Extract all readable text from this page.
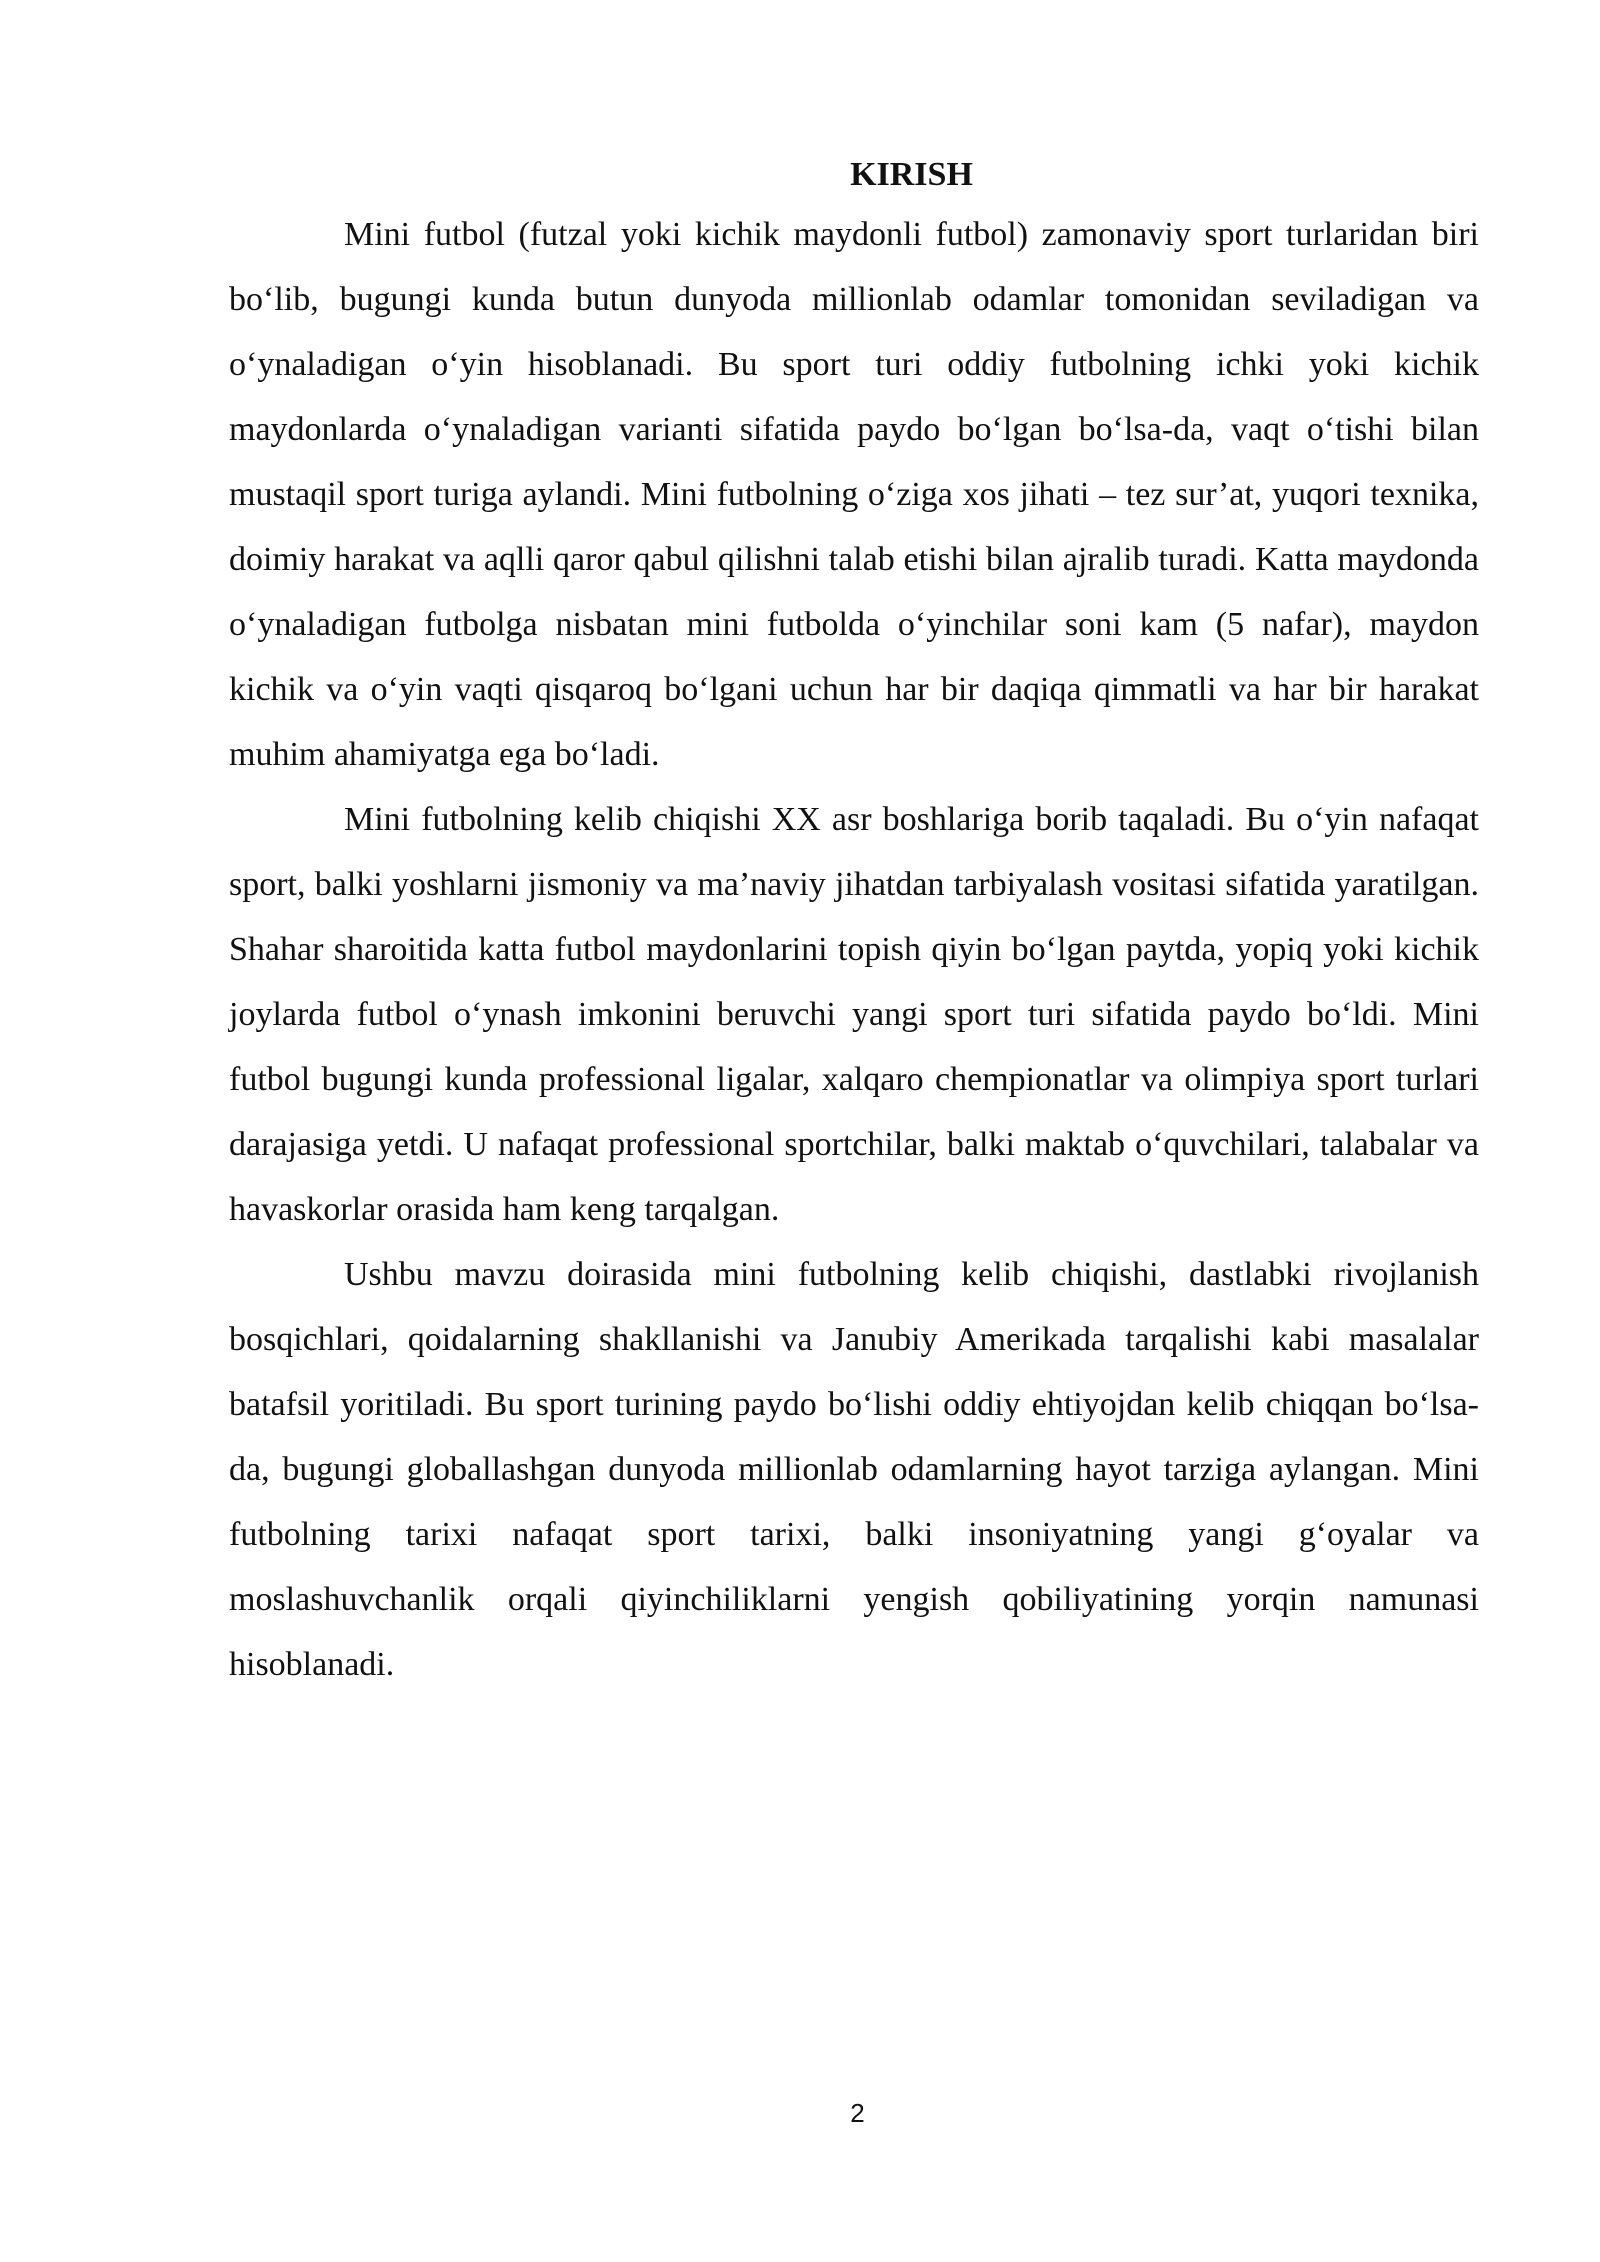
KIRISH

Mini futbol (futzal yoki kichik maydonli futbol) zamonaviy sport turlaridan biri bo‘lib, bugungi kunda butun dunyoda millionlab odamlar tomonidan seviladigan va o‘ynaladigan o‘yin hisoblanadi. Bu sport turi oddiy futbolning ichki yoki kichik maydonlarda o‘ynaladigan varianti sifatida paydo bo‘lgan bo‘lsa-da, vaqt o‘tishi bilan mustaqil sport turiga aylandi. Mini futbolning o‘ziga xos jihati – tez sur’at, yuqori texnika, doimiy harakat va aqlli qaror qabul qilishni talab etishi bilan ajralib turadi. Katta maydonda o‘ynaladigan futbolga nisbatan mini futbolda o‘yinchilar soni kam (5 nafar), maydon kichik va o‘yin vaqti qisqaroq bo‘lgani uchun har bir daqiqa qimmatli va har bir harakat muhim ahamiyatga ega bo‘ladi.

Mini futbolning kelib chiqishi XX asr boshlariga borib taqaladi. Bu o‘yin nafaqat sport, balki yoshlarni jismoniy va ma’naviy jihatdan tarbiyalash vositasi sifatida yaratilgan. Shahar sharoitida katta futbol maydonlarini topish qiyin bo‘lgan paytda, yopiq yoki kichik joylarda futbol o‘ynash imkonini beruvchi yangi sport turi sifatida paydo bo‘ldi. Mini futbol bugungi kunda professional ligalar, xalqaro chempionatlar va olimpiya sport turlari darajasiga yetdi. U nafaqat professional sportchilar, balki maktab o‘quvchilari, talabalar va havaskorlar orasida ham keng tarqalgan.

Ushbu mavzu doirasida mini futbolning kelib chiqishi, dastlabki rivojlanish bosqichlari, qoidalarning shakllanishi va Janubiy Amerikada tarqalishi kabi masalalar batafsil yoritiladi. Bu sport turining paydo bo‘lishi oddiy ehtiyojdan kelib chiqqan bo‘lsa-da, bugungi globallashgan dunyoda millionlab odamlarning hayot tarziga aylangan. Mini futbolning tarixi nafaqat sport tarixi, balki insoniyatning yangi g‘oyalar va moslashuvchanlik orqali qiyinchiliklarni yengish qobiliyatining yorqin namunasi hisoblanadi.

2
